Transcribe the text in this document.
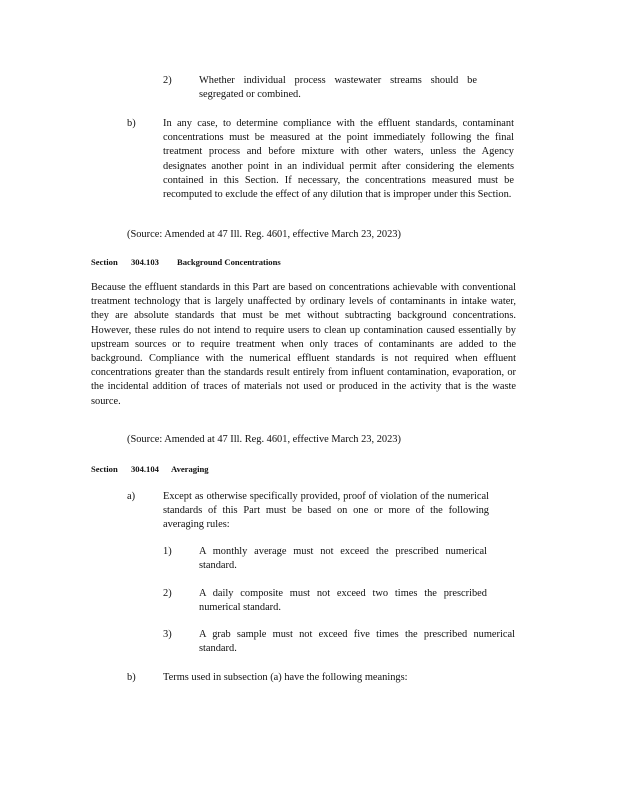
2)	Whether individual process wastewater streams should be segregated or combined.

b)	In any case, to determine compliance with the effluent standards, contaminant concentrations must be measured at the point immediately following the final treatment process and before mixture with other waters, unless the Agency designates another point in an individual permit after considering the elements contained in this Section. If necessary, the concentrations measured must be recomputed to exclude the effect of any dilution that is improper under this Section.

(Source: Amended at 47 Ill. Reg. 4601, effective March 23, 2023)
Section 304.103 Background Concentrations

Because the effluent standards in this Part are based on concentrations achievable with conventional treatment technology that is largely unaffected by ordinary levels of contaminants in intake water, they are absolute standards that must be met without subtracting background concentrations. However, these rules do not intend to require users to clean up contamination caused essentially by upstream sources or to require treatment when only traces of contaminants are added to the background. Compliance with the numerical effluent standards is not required when effluent concentrations greater than the standards result entirely from influent contamination, evaporation, or the incidental addition of traces of materials not used or produced in the activity that is the waste source.

(Source: Amended at 47 Ill. Reg. 4601, effective March 23, 2023)
Section 304.104 Averaging
a)	Except as otherwise specifically provided, proof of violation of the numerical standards of this Part must be based on one or more of the following averaging rules:

1)	A monthly average must not exceed the prescribed numerical standard.

2)	A daily composite must not exceed two times the prescribed numerical standard.

3)	A grab sample must not exceed five times the prescribed numerical standard.

b)	Terms used in subsection (a) have the following meanings:
